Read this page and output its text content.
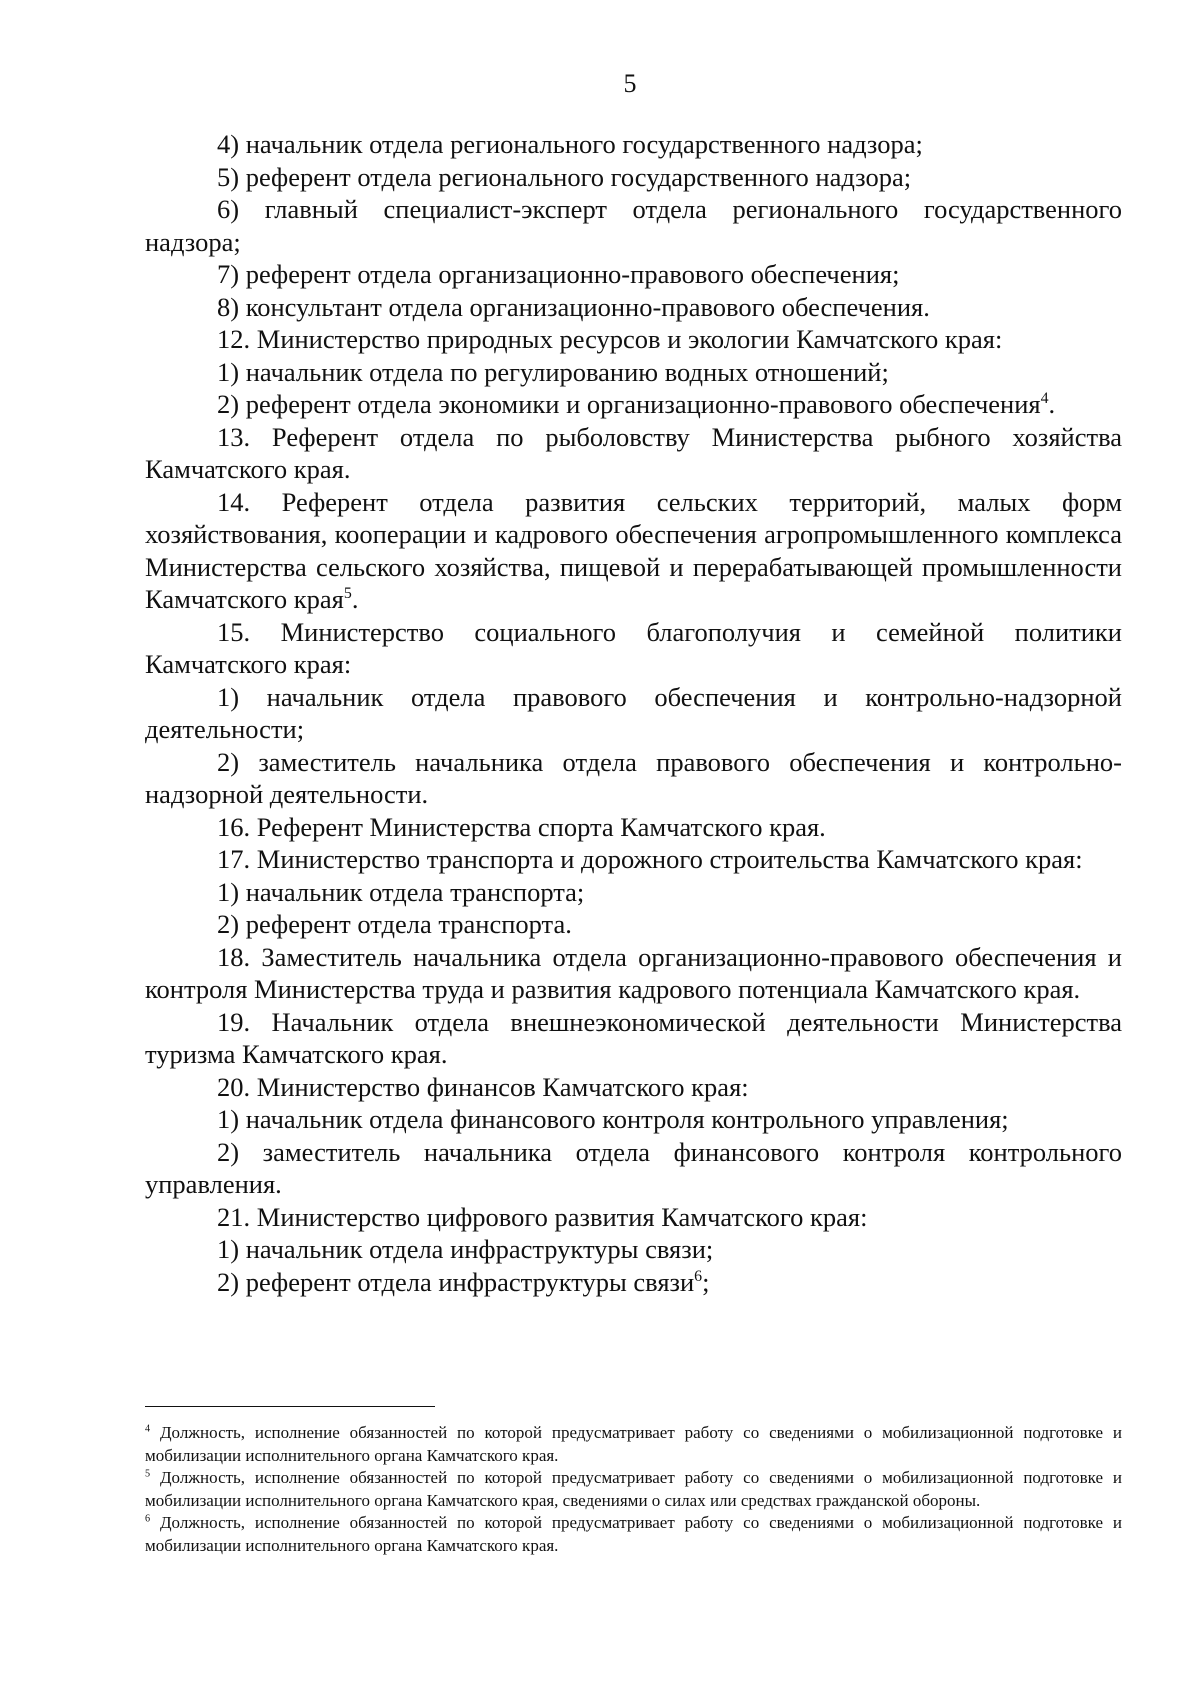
5

4) начальник отдела регионального государственного надзора;

5) референт отдела регионального государственного надзора;

6) главный специалист-эксперт отдела регионального государственного надзора;

7) референт отдела организационно-правового обеспечения;

8) консультант отдела организационно-правового обеспечения.

12. Министерство природных ресурсов и экологии Камчатского края:

1) начальник отдела по регулированию водных отношений;

2) референт отдела экономики и организационно-правового обеспечения$^4$.

13. Референт отдела по рыболовству Министерства рыбного хозяйства Камчатского края.

14. Референт отдела развития сельских территорий, малых форм хозяйствования, кооперации и кадрового обеспечения агропромышленного комплекса Министерства сельского хозяйства, пищевой и перерабатывающей промышленности Камчатского края$^5$.

15. Министерство социального благополучия и семейной политики Камчатского края:

1) начальник отдела правового обеспечения и контрольно-надзорной деятельности;

2) заместитель начальника отдела правового обеспечения и контрольно-надзорной деятельности.

16. Референт Министерства спорта Камчатского края.

17. Министерство транспорта и дорожного строительства Камчатского края:

1) начальник отдела транспорта;

2) референт отдела транспорта.

18. Заместитель начальника отдела организационно-правового обеспечения и контроля Министерства труда и развития кадрового потенциала Камчатского края.

19. Начальник отдела внешнеэкономической деятельности Министерства туризма Камчатского края.

20. Министерство финансов Камчатского края:

1) начальник отдела финансового контроля контрольного управления;

2) заместитель начальника отдела финансового контроля контрольного управления.

21. Министерство цифрового развития Камчатского края:

1) начальник отдела инфраструктуры связи;

2) референт отдела инфраструктуры связи$^6$;

$^4$ Должность, исполнение обязанностей по которой предусматривает работу со сведениями о мобилизационной подготовке и мобилизации исполнительного органа Камчатского края.

$^5$ Должность, исполнение обязанностей по которой предусматривает работу со сведениями о мобилизационной подготовке и мобилизации исполнительного органа Камчатского края, сведениями о силах или средствах гражданской обороны.

$^6$ Должность, исполнение обязанностей по которой предусматривает работу со сведениями о мобилизационной подготовке и мобилизации исполнительного органа Камчатского края.
